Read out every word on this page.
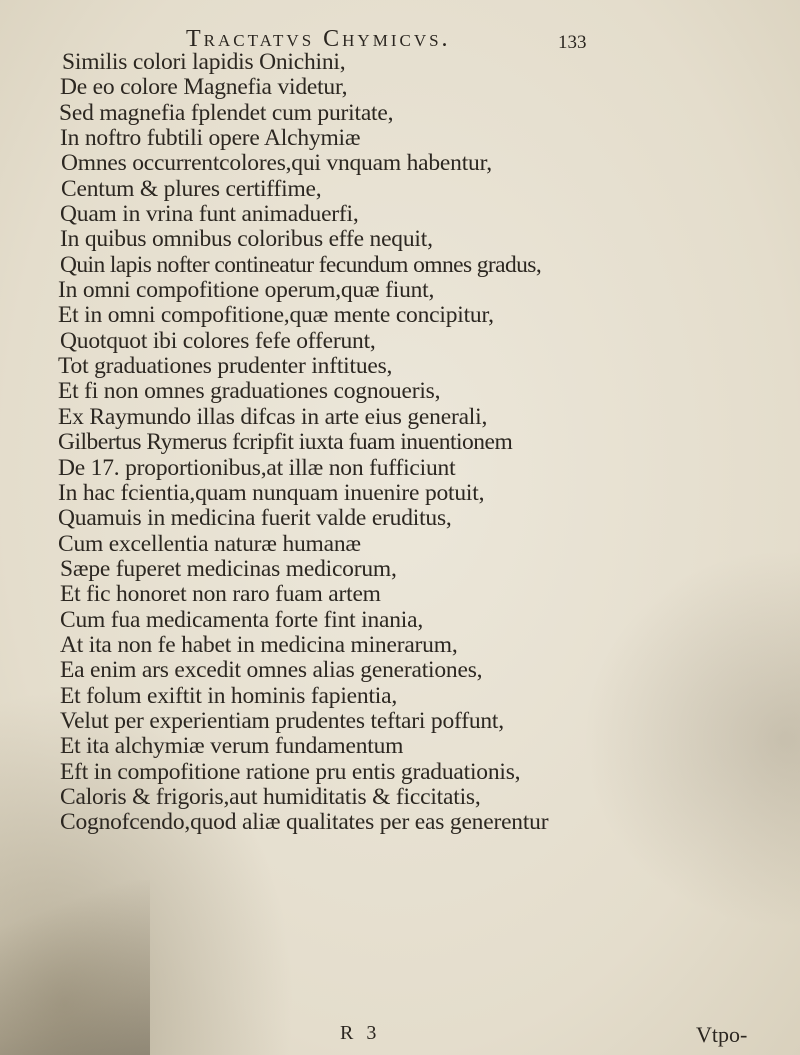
Tractatvs Chymicvs.	133
Similis colori lapidis Onichini,
De eo colore Magnefia videtur,
Sed magnefia fplendet cum puritate,
In noftro fubtili opere Alchymiæ
Omnes occurrentcolores,qui vnquam habentur,
Centum & plures certiffime,
Quam in vrina funt animaduerfi,
In quibus omnibus coloribus effe nequit,
Quin lapis nofter contineatur fecundum omnes gradus,
In omni compofitione operum,quæ fiunt,
Et in omni compofitione,quæ mente concipitur,
Quotquot ibi colores fefe offerunt,
Tot graduationes prudenter inftitues,
Et fi non omnes graduationes cognoueris,
Ex Raymundo illas difcas in arte eius generali,
Gilbertus Rymerus fcripfit iuxta fuam inuentionem
De 17. proportionibus,at illæ non fufficiunt
In hac fcientia,quam nunquam inuenire potuit,
Quamuis in medicina fuerit valde eruditus,
Cum excellentia naturæ humanæ
Sæpe fuperet medicinas medicorum,
Et fic honoret non raro fuam artem
Cum fua medicamenta forte fint inania,
At ita non fe habet in medicina minerarum,
Ea enim ars excedit omnes alias generationes,
Et folum exiftit in hominis fapientia,
Velut per experientiam prudentes teftari poffunt,
Et ita alchymiæ verum fundamentum
Eft in compofitione ratione pru entis graduationis,
Caloris & frigoris,aut humiditatis & ficcitatis,
Cognofcendo,quod aliæ qualitates per eas generentur
R 3	Vtpo-
